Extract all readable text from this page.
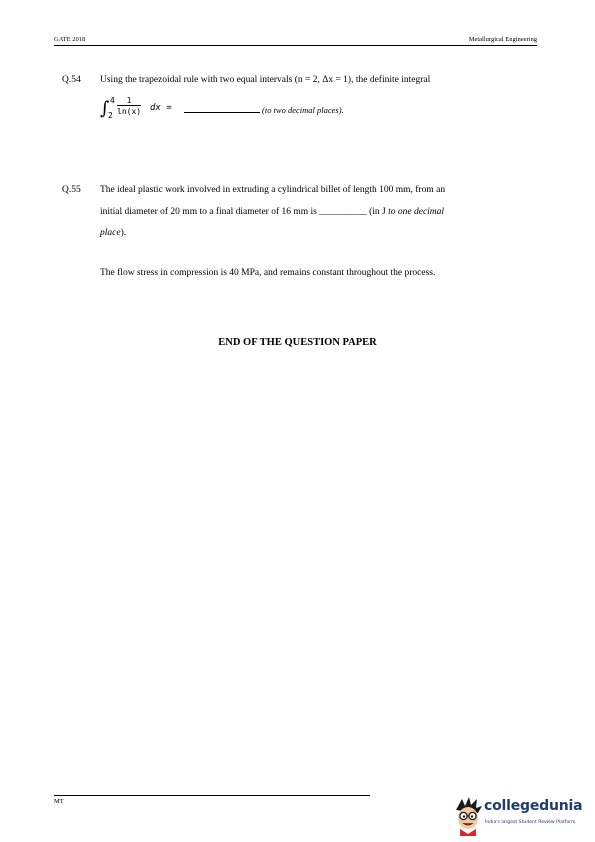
GATE 2018	Metallurgical Engineering
Q.54 Using the trapezoidal rule with two equal intervals (n = 2, Δx = 1), the definite integral
∫ 4
$2 \frac{1}{\ln(x)}$ dx =	(to two decimal places).
Q.55 The ideal plastic work involved in extruding a cylindrical billet of length 100 mm, from an
initial diameter of 20 mm to a final diameter of 16 mm is __________ (in J to one decimal
place).
The flow stress in compression is 40 MPa, and remains constant throughout the process.
END OF THE QUESTION PAPER
MT	collegedunia
India's largest Student Review Platform
